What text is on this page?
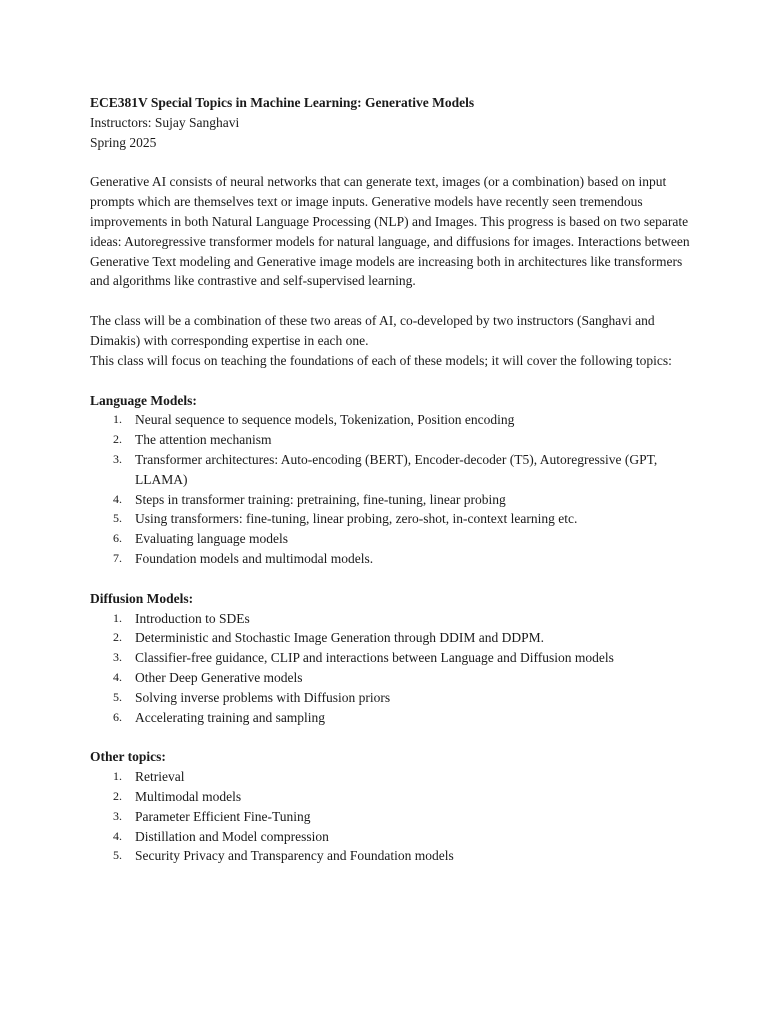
ECE381V Special Topics in Machine Learning: Generative Models
Instructors: Sujay Sanghavi
Spring 2025

Generative AI consists of neural networks that can generate text, images (or a combination) based on input prompts which are themselves text or image inputs. Generative models have recently seen tremendous improvements in both Natural Language Processing (NLP) and Images. This progress is based on two separate ideas: Autoregressive transformer models for natural language, and diffusions for images. Interactions between Generative Text modeling and Generative image models are increasing both in architectures like transformers and algorithms like contrastive and self-supervised learning.

The class will be a combination of these two areas of AI, co-developed by two instructors (Sanghavi and Dimakis) with corresponding expertise in each one.

This class will focus on teaching the foundations of each of these models; it will cover the following topics:

Language Models:
1. Neural sequence to sequence models, Tokenization, Position encoding
2. The attention mechanism
3. Transformer architectures: Auto-encoding (BERT), Encoder-decoder (T5), Autoregressive (GPT, LLAMA)
4. Steps in transformer training: pretraining, fine-tuning, linear probing
5. Using transformers: fine-tuning, linear probing, zero-shot, in-context learning etc.
6. Evaluating language models
7. Foundation models and multimodal models.
Diffusion Models:
1. Introduction to SDEs
2. Deterministic and Stochastic Image Generation through DDIM and DDPM.
3. Classifier-free guidance, CLIP and interactions between Language and Diffusion models
4. Other Deep Generative models
5. Solving inverse problems with Diffusion priors
6. Accelerating training and sampling
Other topics:
1. Retrieval
2. Multimodal models
3. Parameter Efficient Fine-Tuning
4. Distillation and Model compression
5. Security Privacy and Transparency and Foundation models
